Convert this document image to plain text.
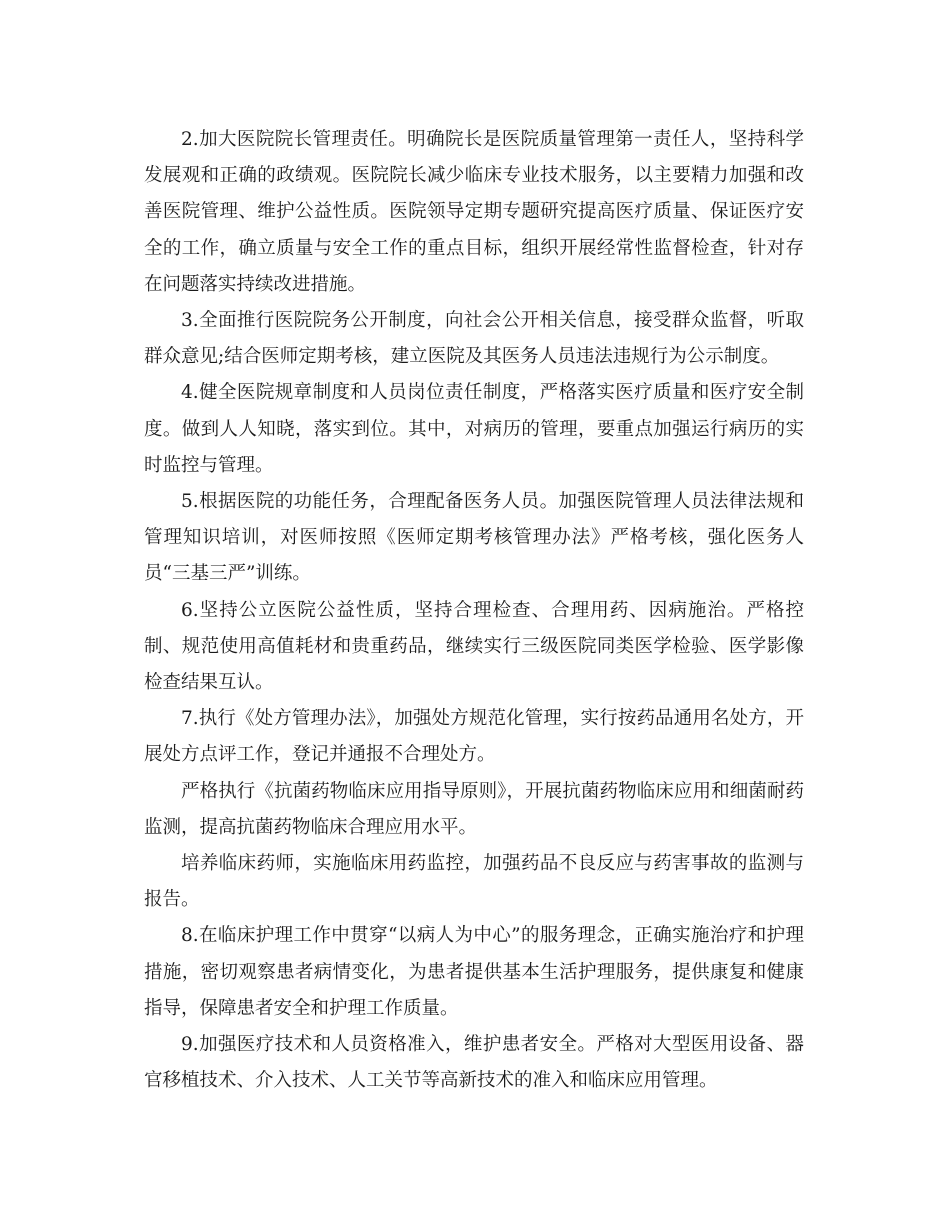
2.加大医院院长管理责任。明确院长是医院质量管理第一责任人，坚持科学发展观和正确的政绩观。医院院长减少临床专业技术服务，以主要精力加强和改善医院管理、维护公益性质。医院领导定期专题研究提高医疗质量、保证医疗安全的工作，确立质量与安全工作的重点目标，组织开展经常性监督检查，针对存在问题落实持续改进措施。

3.全面推行医院院务公开制度，向社会公开相关信息，接受群众监督，听取群众意见;结合医师定期考核，建立医院及其医务人员违法违规行为公示制度。

4.健全医院规章制度和人员岗位责任制度，严格落实医疗质量和医疗安全制度。做到人人知晓，落实到位。其中，对病历的管理，要重点加强运行病历的实时监控与管理。

5.根据医院的功能任务，合理配备医务人员。加强医院管理人员法律法规和管理知识培训，对医师按照《医师定期考核管理办法》严格考核，强化医务人员“三基三严”训练。

6.坚持公立医院公益性质，坚持合理检查、合理用药、因病施治。严格控制、规范使用高值耗材和贵重药品，继续实行三级医院同类医学检验、医学影像检查结果互认。

7.执行《处方管理办法》，加强处方规范化管理，实行按药品通用名处方，开展处方点评工作，登记并通报不合理处方。

严格执行《抗菌药物临床应用指导原则》，开展抗菌药物临床应用和细菌耐药监测，提高抗菌药物临床合理应用水平。

培养临床药师，实施临床用药监控，加强药品不良反应与药害事故的监测与报告。

8.在临床护理工作中贯穿“以病人为中心”的服务理念，正确实施治疗和护理措施，密切观察患者病情变化，为患者提供基本生活护理服务，提供康复和健康指导，保障患者安全和护理工作质量。

9.加强医疗技术和人员资格准入，维护患者安全。严格对大型医用设备、器官移植技术、介入技术、人工关节等高新技术的准入和临床应用管理。
